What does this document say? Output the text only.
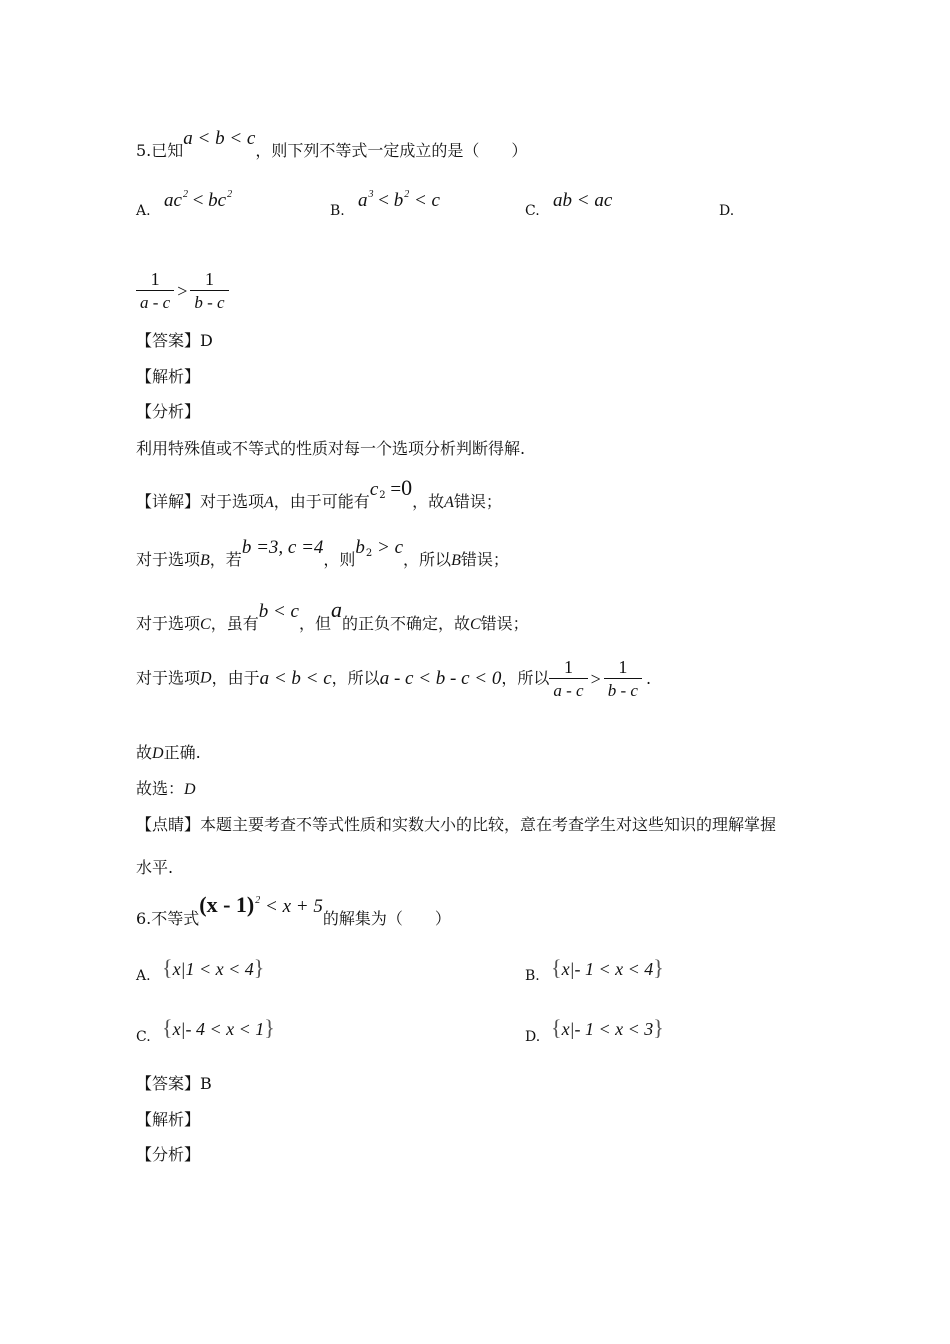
5.已知a < b < c，则下列不等式一定成立的是（　　）
A. $ac^2 < bc^2$
B. $a^3 < b^2 < c$	C. ab < ac	D.
$\frac{1}{a - c} > \frac{1}{b - c}$
【答案】D
【解析】
【分析】
利用特殊值或不等式的性质对每一个选项分析判断得解.
【详解】对于选项A，由于可能有$c^2 =0$，故A错误；
对于选项B，若b =3, c =4，则$b^2 > c$，所以B错误；
对于选项C，虽有b < c，但a的正负不确定，故C错误；
对于选项D，由于a < b < c，所以a - c < b - c < 0，所以 $\frac{1}{a - c} > \frac{1}{b - c}$ .
故D正确.
故选：D
【点睛】本题主要考查不等式性质和实数大小的比较，意在考查学生对这些知识的理解掌握
水平.
6.不等式(x - 1)$^2$ < x + 5的解集为（　　）
A. {x|1 < x < 4}	B. {x|- 1 < x < 4}
C. {x|- 4 < x < 1}	D. {x|- 1 < x < 3}
【答案】B
【解析】
【分析】
